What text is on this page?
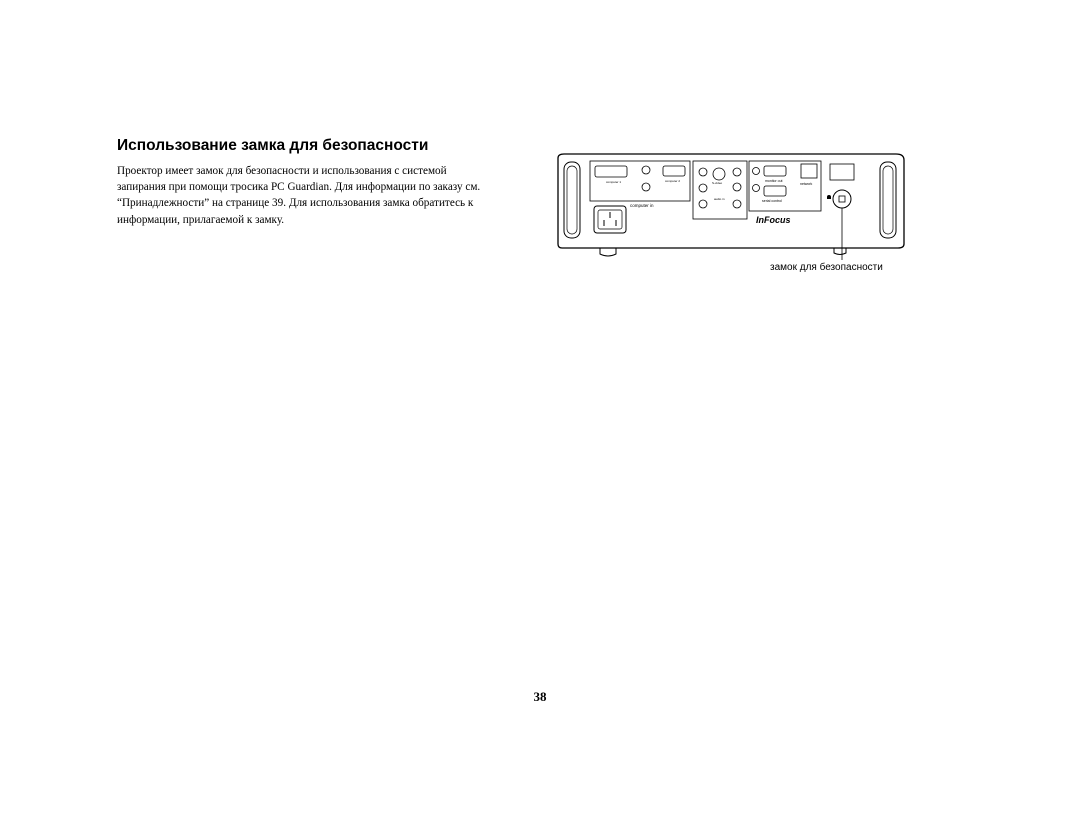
Использование замка для безопасности

Проектор имеет замок для безопасности и использования с системой
запирания при помощи тросика PC Guardian. Для информации по заказу см.
“Принадлежности” на странице 39. Для использования замка обратитесь к
информации, прилагаемой к замку.

computer 1	computer 2
computer in
S-video
audio in
monitor out
network
serial control
InFocus
замок для безопасности
38
